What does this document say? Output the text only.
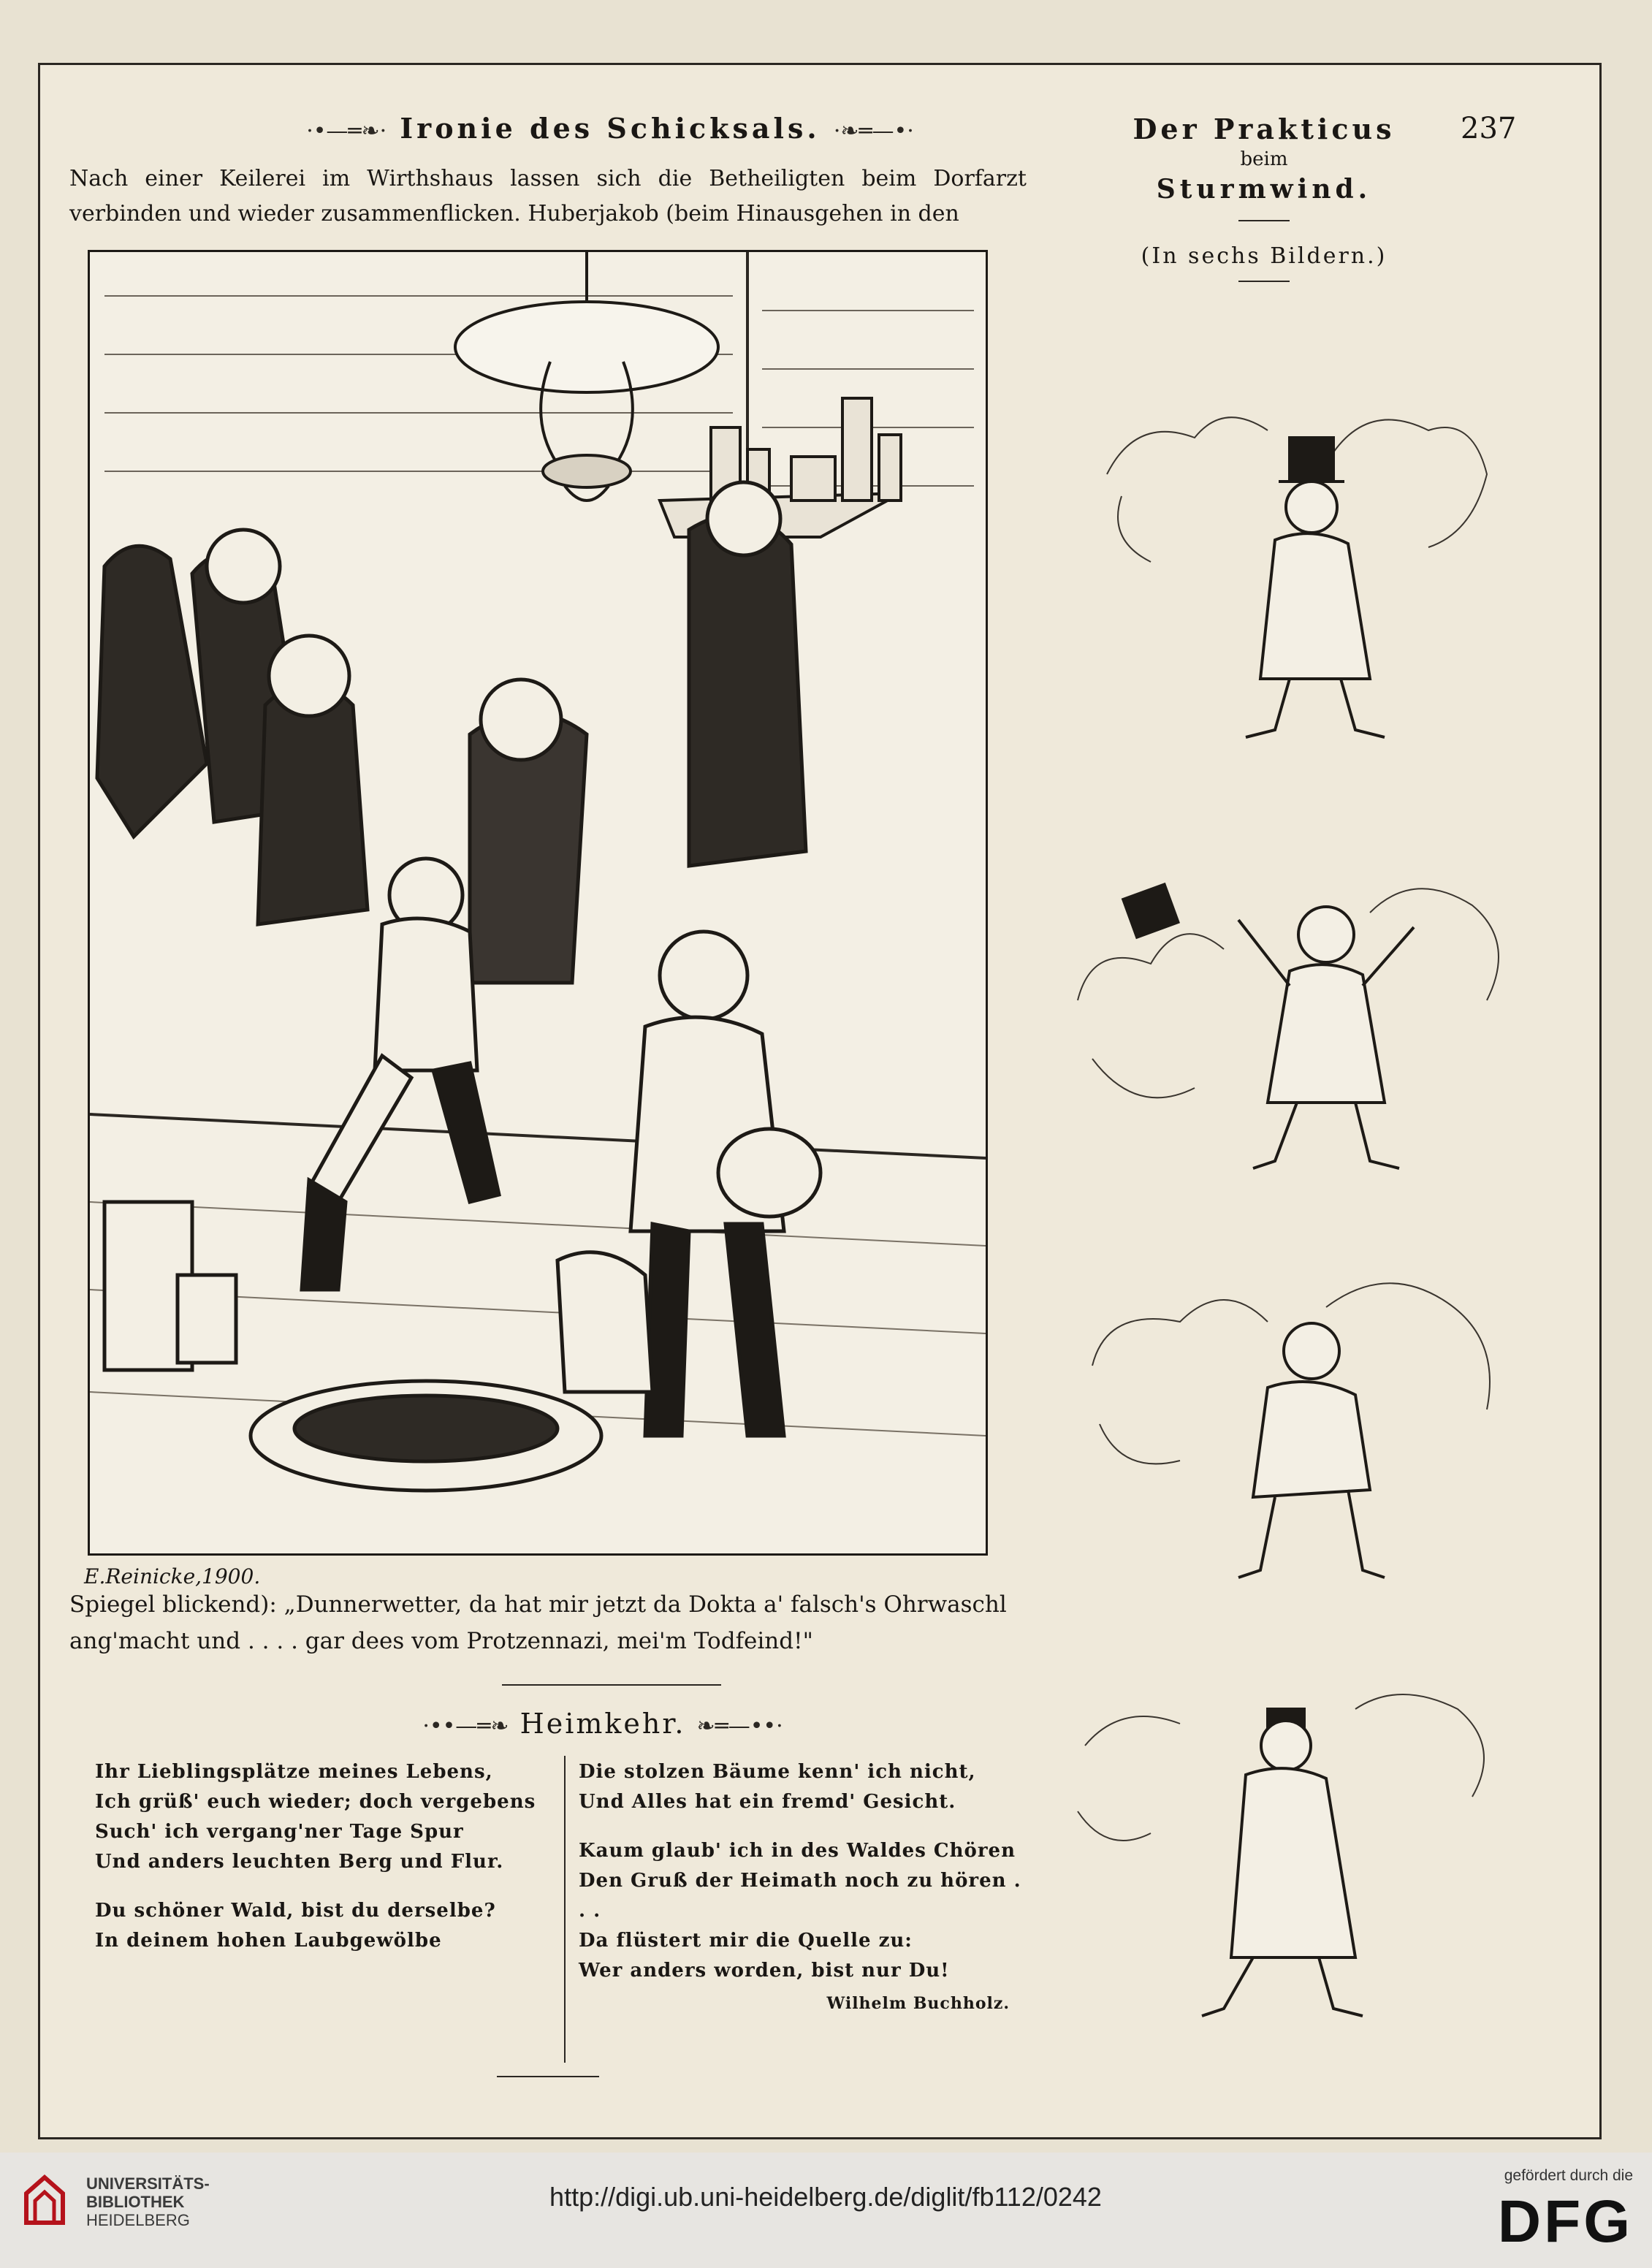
·•—═❧· Ironie des Schicksals. ·❧═—•·
Nach einer Keilerei im Wirthshaus lassen sich die Betheiligten beim Dorfarzt verbinden und wieder zusammenflicken. Huberjakob (beim Hinausgehen in den
E.Reinicke,1900.
Spiegel blickend): „Dunnerwetter, da hat mir jetzt da Dokta a' falsch's Ohrwaschl ang'macht und . . . . gar dees vom Protzennazi, mei'm Todfeind!"
·••—═❧ Heimkehr. ❧═—••·

Ihr Lieblingsplätze meines Lebens,

Ich grüß' euch wieder; doch vergebens

Such' ich vergang'ner Tage Spur

Und anders leuchten Berg und Flur.

Du schöner Wald, bist du derselbe?

In deinem hohen Laubgewölbe

Die stolzen Bäume kenn' ich nicht,

Und Alles hat ein fremd' Gesicht.

Kaum glaub' ich in des Waldes Chören

Den Gruß der Heimath noch zu hören . . .

Da flüstert mir die Quelle zu:

Wer anders worden, bist nur Du!

Wilhelm Buchholz.
237
Der Prakticus
beim
Sturmwind.
(In sechs Bildern.)
UNIVERSITÄTS-
BIBLIOTHEK
HEIDELBERG
http://digi.ub.uni-heidelberg.de/diglit/fb112/0242
gefördert durch die
DFG
